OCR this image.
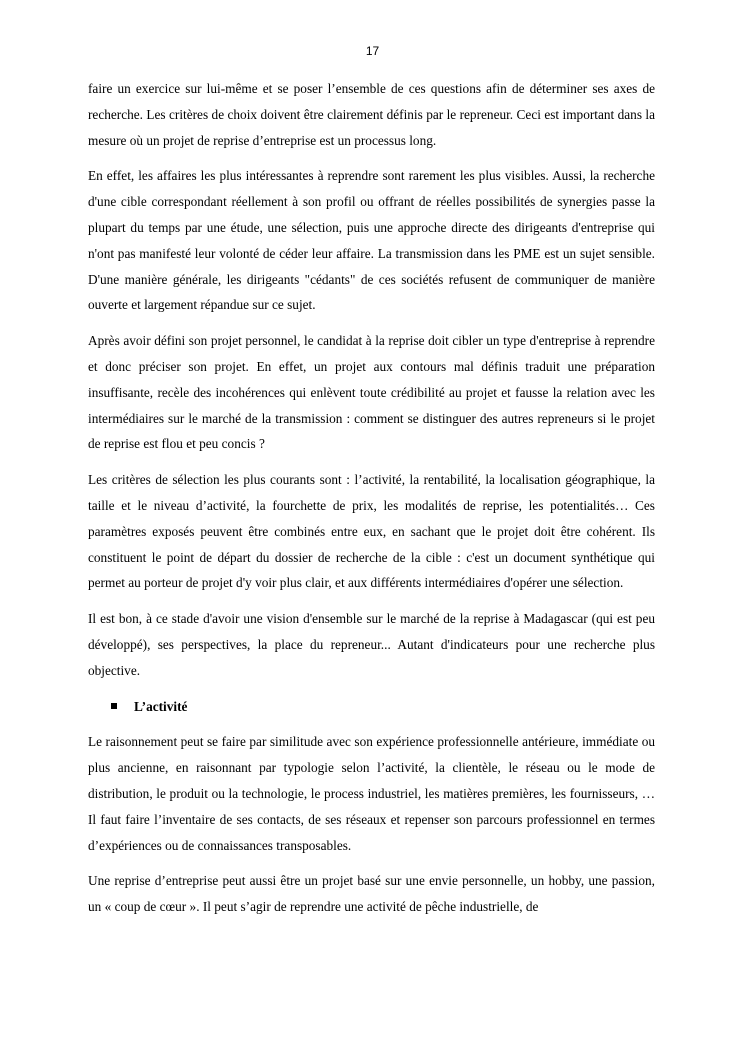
17

faire un exercice sur lui-même et se poser l’ensemble de ces questions afin de déterminer ses axes de recherche. Les critères de choix doivent être clairement définis par le repreneur. Ceci est important dans la mesure où un projet de reprise d’entreprise est un processus long.

En effet, les affaires les plus intéressantes à reprendre sont rarement les plus visibles. Aussi, la recherche d'une cible correspondant réellement à son profil ou offrant de réelles possibilités de synergies passe la plupart du temps par une étude, une sélection, puis une approche directe des dirigeants d'entreprise qui n'ont pas manifesté leur volonté de céder leur affaire. La transmission dans les PME est un sujet sensible. D'une manière générale, les dirigeants "cédants" de ces sociétés refusent de communiquer de manière ouverte et largement répandue sur ce sujet.

Après avoir défini son projet personnel, le candidat à la reprise doit cibler un type d'entreprise à reprendre et donc préciser son projet. En effet, un projet aux contours mal définis traduit une préparation insuffisante, recèle des incohérences qui enlèvent toute crédibilité au projet et fausse la relation avec les intermédiaires sur le marché de la transmission : comment se distinguer des autres repreneurs si le projet de reprise est flou et peu concis ?

Les critères de sélection les plus courants sont : l’activité, la rentabilité, la localisation géographique, la taille et le niveau d’activité, la fourchette de prix, les modalités de reprise, les potentialités… Ces paramètres exposés peuvent être combinés entre eux, en sachant que le projet doit être cohérent. Ils constituent le point de départ du dossier de recherche de la cible : c'est un document synthétique qui permet au porteur de projet d'y voir plus clair, et aux différents intermédiaires d'opérer une sélection.

Il est bon, à ce stade d'avoir une vision d'ensemble sur le marché de la reprise à Madagascar (qui est peu développé), ses perspectives, la place du repreneur... Autant d'indicateurs pour une recherche plus objective.

L’activité

Le raisonnement peut se faire par similitude avec son expérience professionnelle antérieure, immédiate ou plus ancienne, en raisonnant par typologie selon l’activité, la clientèle, le réseau ou le mode de distribution, le produit ou la technologie, le process industriel, les matières premières, les fournisseurs, …Il faut faire l’inventaire de ses contacts, de ses réseaux et repenser son parcours professionnel en termes d’expériences ou de connaissances transposables.

Une reprise d’entreprise peut aussi être un projet basé sur une envie personnelle, un hobby, une passion, un « coup de cœur ». Il peut s’agir de reprendre une activité de pêche industrielle, de
